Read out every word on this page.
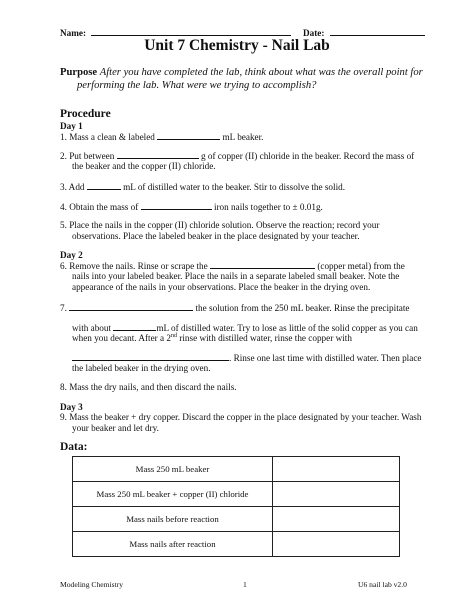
Name:	Date:
Unit 7 Chemistry - Nail Lab
Purpose After you have completed the lab, think about what was the overall point for
performing the lab. What were we trying to accomplish?
Procedure
Day 1
1. Mass a clean & labeled	mL beaker.
2. Put between	g of copper (II) chloride in the beaker. Record the mass of
the beaker and the copper (II) chloride.
3. Add	mL of distilled water to the beaker. Stir to dissolve the solid.
4. Obtain the mass of	iron nails together to ± 0.01g.
5. Place the nails in the copper (II) chloride solution. Observe the reaction; record your
observations. Place the labeled beaker in the place designated by your teacher.
Day 2
6. Remove the nails. Rinse or scrape the	(copper metal) from the
nails into your labeled beaker. Place the nails in a separate labeled small beaker. Note the
appearance of the nails in your observations. Place the beaker in the drying oven.
7.	the solution from the 250 mL beaker. Rinse the precipitate
with about	mL of distilled water. Try to lose as little of the solid copper as you can
when you decant. After a 2nd rinse with distilled water, rinse the copper with
. Rinse one last time with distilled water. Then place
the labeled beaker in the drying oven.
8. Mass the dry nails, and then discard the nails.
Day 3
9. Mass the beaker + dry copper. Discard the copper in the place designated by your teacher. Wash
your beaker and let dry.
Data:
Mass 250 mL beaker	
Mass 250 mL beaker + copper (II) chloride	
Mass nails before reaction	
Mass nails after reaction	
Modeling Chemistry	1	U6 nail lab v2.0
